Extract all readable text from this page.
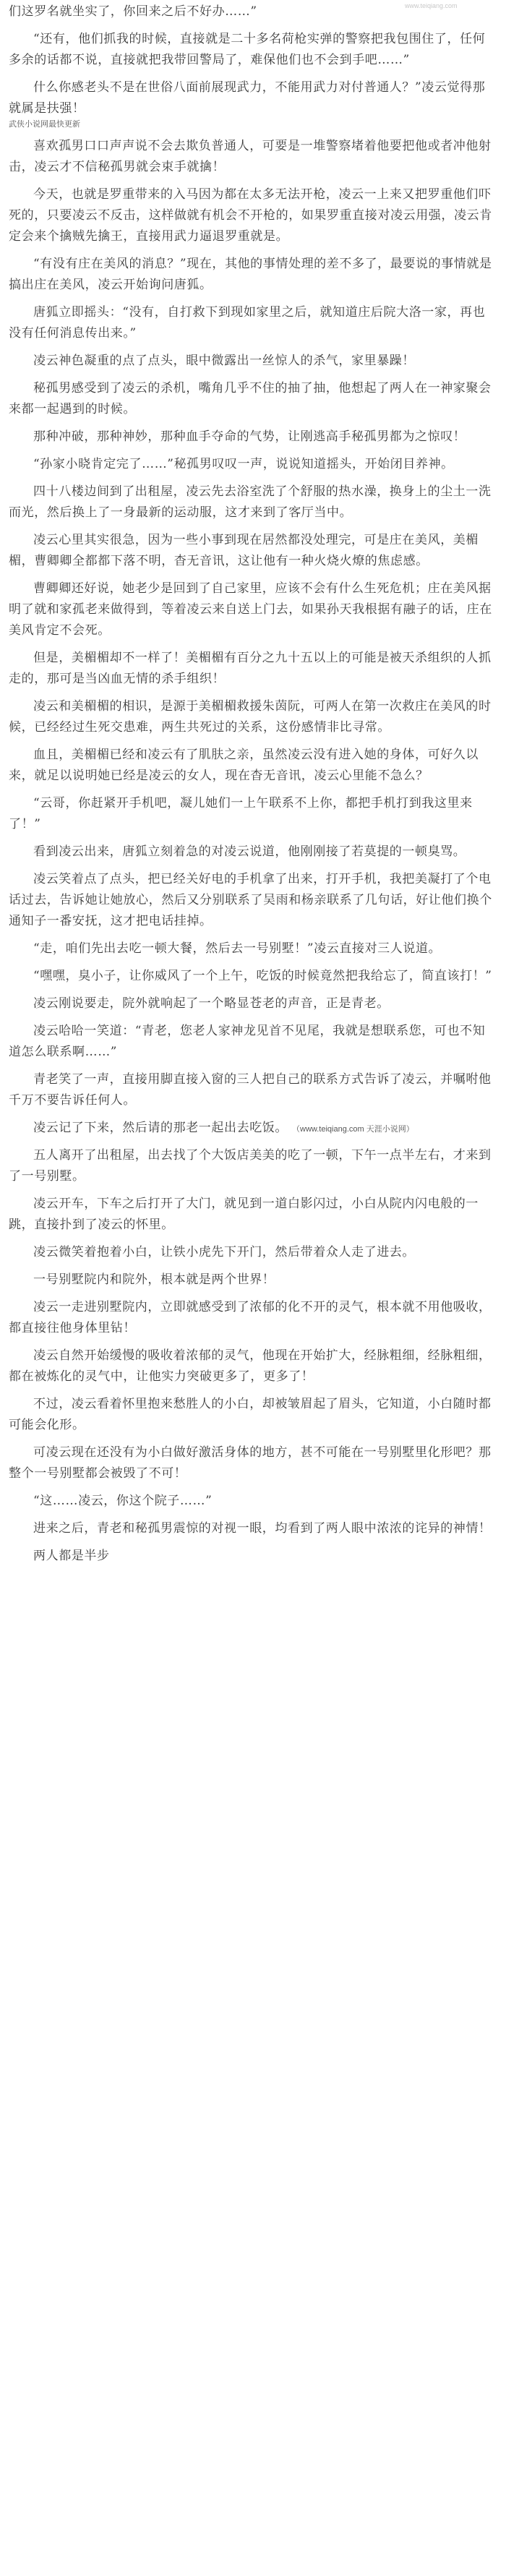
www.teiqiang.com

们这罗名就坐实了，你回来之后不好办……”

“还有，他们抓我的时候，直接就是二十多名荷枪实弹的警察把我包围住了，任何多余的话都不说，直接就把我带回警局了，难保他们也不会到手吧……”

什么你感老头不是在世俗八面前展现武力，不能用武力对付普通人？”凌云觉得那就属是扶强！

武侠小说网最快更新

喜欢孤男口口声声说不会去欺负普通人，可要是一堆警察堵着他要把他或者冲他射击，凌云才不信秘孤男就会束手就擒！

今天，也就是罗重带来的入马因为都在太多无法开枪，凌云一上来又把罗重他们吓死的，只要凌云不反击，这样做就有机会不开枪的，如果罗重直接对凌云用强，凌云肯定会来个擒贼先擒王，直接用武力逼退罗重就是。

“有没有庄在美风的消息？”现在，其他的事情处理的差不多了，最要说的事情就是搞出庄在美风，凌云开始询问唐狐。

唐狐立即摇头：“没有，自打救下到现如家里之后，就知道庄后院大洛一家，再也没有任何消息传出来。”

凌云神色凝重的点了点头，眼中微露出一丝惊人的杀气，家里暴躁！

秘孤男感受到了凌云的杀机，嘴角几乎不住的抽了抽，他想起了两人在一神家聚会来都一起遇到的时候。

那种冲破，那种神妙，那种血手夺命的气势，让刚逃高手秘孤男都为之惊叹！

“孙家小晓肯定完了……”秘孤男叹叹一声，说说知道摇头，开始闭目养神。

四十八楼边间到了出租屋，凌云先去浴室洗了个舒服的热水澡，换身上的尘土一洗而光，然后换上了一身最新的运动服，这才来到了客厅当中。

凌云心里其实很急，因为一些小事到现在居然都没处理完，可是庄在美风，美楣楣，曹卿卿全都都下落不明，杳无音讯，这让他有一种火烧火燎的焦虑感。

曹卿卿还好说，她老少是回到了自己家里，应该不会有什么生死危机；庄在美风据明了就和家孤老来做得到，等着凌云来自送上门去，如果孙天我根据有融子的话，庄在美风肯定不会死。

但是，美楣楣却不一样了！美楣楣有百分之九十五以上的可能是被天杀组织的人抓走的，那可是当凶血无情的杀手组织！

凌云和美楣楣的相识，是源于美楣楣救援朱茵阮，可两人在第一次救庄在美风的时候，已经经过生死交患难，两生共死过的关系，这份感情非比寻常。

血且，美楣楣已经和凌云有了肌肤之亲，虽然凌云没有进入她的身体，可好久以来，就足以说明她已经是凌云的女人，现在杳无音讯，凌云心里能不急么？

“云哥，你赶紧开手机吧，凝儿她们一上午联系不上你，都把手机打到我这里来了！”

看到凌云出来，唐狐立刻着急的对凌云说道，他刚刚接了若莫提的一顿臭骂。

凌云笑着点了点头，把已经关好电的手机拿了出来，打开手机，我把美凝打了个电话过去，告诉她让她放心，然后又分别联系了吴雨和杨亲联系了几句话，好让他们换个通知子一番安抚，这才把电话挂掉。

“走，咱们先出去吃一顿大餐，然后去一号别墅！”凌云直接对三人说道。

“嘿嘿，臭小子，让你威风了一个上午，吃饭的时候竟然把我给忘了，简直该打！”

凌云刚说要走，院外就响起了一个略显苍老的声音，正是青老。

凌云哈哈一笑道：“青老，您老人家神龙见首不见尾，我就是想联系您，可也不知道怎么联系啊……”

青老笑了一声，直接用脚直接入窗的三人把自己的联系方式告诉了凌云，并嘱咐他千万不要告诉任何人。

凌云记了下来，然后请的那老一起出去吃饭。 （www.teiqiang.com 天涯小说网）

五人离开了出租屋，出去找了个大饭店美美的吃了一顿，下午一点半左右，才来到了一号别墅。

凌云开车，下车之后打开了大门，就见到一道白影闪过，小白从院内闪电般的一跳，直接扑到了凌云的怀里。

凌云微笑着抱着小白，让铁小虎先下开门，然后带着众人走了进去。

一号别墅院内和院外，根本就是两个世界！

凌云一走进别墅院内，立即就感受到了浓郁的化不开的灵气，根本就不用他吸收，都直接往他身体里钻！

凌云自然开始缓慢的吸收着浓郁的灵气，他现在开始扩大，经脉粗细，经脉粗细，都在被炼化的灵气中，让他实力突破更多了，更多了！

不过，凌云看着怀里抱来愁胜人的小白，却被皱眉起了眉头，它知道，小白随时都可能会化形。

可凌云现在还没有为小白做好激活身体的地方，甚不可能在一号别墅里化形吧？那整个一号别墅都会被毁了不可！

“这……凌云，你这个院子……”

进来之后，青老和秘孤男震惊的对视一眼，均看到了两人眼中浓浓的诧异的神情！

两人都是半步
